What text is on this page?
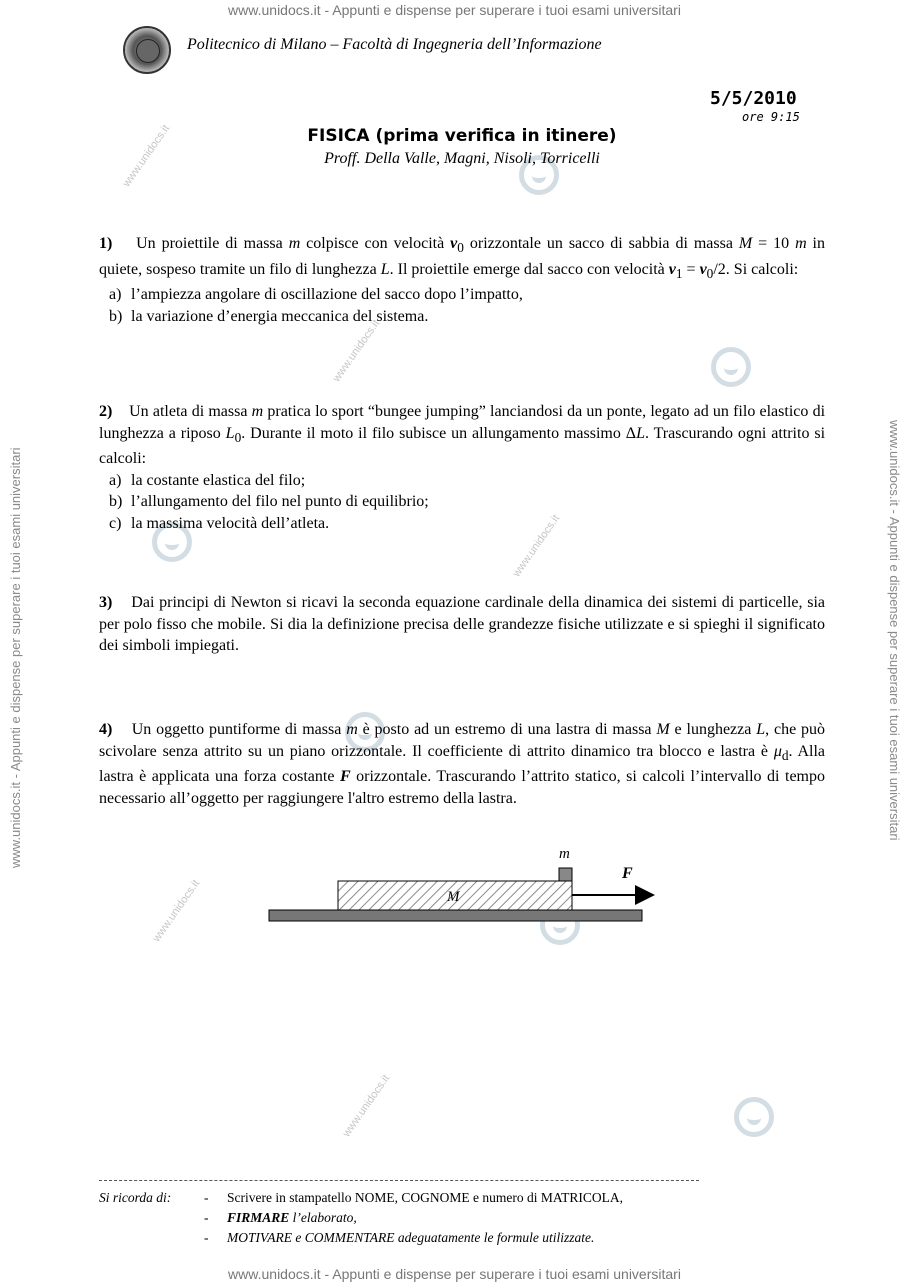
www.unidocs.it - Appunti e dispense per superare i tuoi esami universitari
www.unidocs.it - Appunti e dispense per superare i tuoi esami universitari
www.unidocs.it - Appunti e dispense per superare i tuoi esami universitari	www.unidocs.it - Appunti e dispense per superare i tuoi esami universitari
www.unidocs.it
www.unidocs.it
www.unidocs.it
www.unidocs.it
www.unidocs.it
Politecnico di Milano – Facoltà di Ingegneria dell’Informazione
5/5/2010
ore 9:15
FISICA (prima verifica in itinere)
Proff. Della Valle, Magni, Nisoli, Torricelli
1) Un proiettile di massa m colpisce con velocità $v_0$ orizzontale un sacco di sabbia di massa M = 10 m in quiete, sospeso tramite un filo di lunghezza L. Il proiettile emerge dal sacco con velocità $v_1 = v_0/2$. Si calcoli:
a) l’ampiezza angolare di oscillazione del sacco dopo l’impatto,
b) la variazione d’energia meccanica del sistema.
2) Un atleta di massa m pratica lo sport “bungee jumping” lanciandosi da un ponte, legato ad un filo elastico di lunghezza a riposo $L_0$. Durante il moto il filo subisce un allungamento massimo ΔL. Trascurando ogni attrito si calcoli:
a) la costante elastica del filo;
b) l’allungamento del filo nel punto di equilibrio;
c) la massima velocità dell’atleta.
3) Dai principi di Newton si ricavi la seconda equazione cardinale della dinamica dei sistemi di particelle, sia per polo fisso che mobile. Si dia la definizione precisa delle grandezze fisiche utilizzate e si spieghi il significato dei simboli impiegati.
4) Un oggetto puntiforme di massa m è posto ad un estremo di una lastra di massa M e lunghezza L, che può scivolare senza attrito su un piano orizzontale. Il coefficiente di attrito dinamico tra blocco e lastra è $\mu_d$. Alla lastra è applicata una forza costante F orizzontale. Trascurando l’attrito statico, si calcoli l’intervallo di tempo necessario all’oggetto per raggiungere l'altro estremo della lastra.
m
M
F
Si ricorda di: - Scrivere in stampatello NOME, COGNOME e numero di MATRICOLA,
- FIRMARE l’elaborato,
- MOTIVARE e COMMENTARE adeguatamente le formule utilizzate.
